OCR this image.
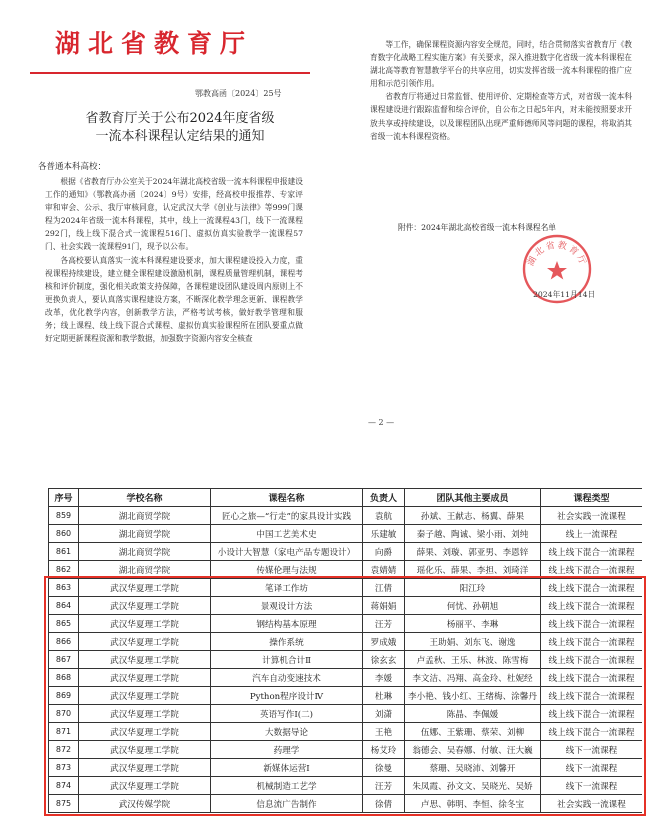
湖北省教育厅
鄂教高函〔2024〕25号
省教育厅关于公布2024年度省级
一流本科课程认定结果的通知
各普通本科高校：

根据《省教育厅办公室关于2024年湖北高校省级一流本科课程申报建设工作的通知》（鄂教高办函〔2024〕9号）安排，经高校申报推荐、专家评审和审会、公示、我厅审核同意，认定武汉大学《创业与法律》等999门课程为2024年省级一流本科课程，其中，线上一流课程43门，线下一流课程292门，线上线下混合式一流课程516门、虚拟仿真实验教学一流课程57门、社会实践一流课程91门，现予以公布。

各高校要认真落实一流本科课程建设要求，加大课程建设投入力度，重视课程持续建设，建立健全课程建设激励机制，课程质量管理机制，课程考核和评价制度，强化相关政策支持保障，各课程建设团队建设周内原则上不更换负责人，要认真落实课程建设方案，不断深化教学理念更新、课程教学改革，优化教学内容，创新教学方法，严格考试考核，做好教学管理和服务；线上课程、线上线下混合式课程、虚拟仿真实验课程所在团队要重点做好定期更新课程资源和教学数据，加强数字资源内容安全核查

等工作，确保课程资源内容安全规范，同时，结合贯彻落实省教育厅《教育数字化战略工程实施方案》有关要求，深入推进数字化省级一流本科课程在湖北高等教育智慧教学平台的共享应用，切实发挥省级一流本科课程的推广应用和示范引领作用。

省教育厅将通过日常监督、使用评价、定期检查等方式，对省级一流本科课程建设进行跟踪监督和综合评价，自公布之日起5年内，对未能按照要求开放共享或持续建设，以及课程团队出现严重师德师风等问题的课程，将取消其省级一流本科课程资格。

附件：2024年湖北高校省级一流本科课程名单
湖北省教育厅
2024年11月14日
— 2 —
序号	学校名称	课程名称	负责人	团队其他主要成员	课程类型
859	湖北商贸学院	匠心之旅—“行走”的家具设计实践	袁航	孙斌、王献志、杨翼、薛果	社会实践一流课程
860	湖北商贸学院	中国工艺美术史	乐建敏	秦子越、陶诚、梁小雨、刘纯	线上一流课程
861	湖北商贸学院	小设计大智慧（家电产品专题设计）	向爵	薛果、刘璇、郭亚男、李恩锌	线上线下混合一流课程
862	湖北商贸学院	传媒伦理与法规	袁婧婧	瑶化乐、薛果、李担、刘琦洋	线上线下混合一流课程
863	武汉华夏理工学院	笔译工作坊	江倩	阳江玲	线上线下混合一流课程
864	武汉华夏理工学院	景观设计方法	蒋娟娟	何忧、孙朝旭	线上线下混合一流课程
865	武汉华夏理工学院	钢结构基本原理	汪芳	杨丽平、李琳	线上线下混合一流课程
866	武汉华夏理工学院	操作系统	罗成娥	王助娟、刘东飞、谢逸	线上线下混合一流课程
867	武汉华夏理工学院	计算机合计Ⅱ	徐玄玄	卢孟秋、王乐、林波、陈雪梅	线上线下混合一流课程
868	武汉华夏理工学院	汽车自动变速技术	李媛	李文洁、冯翔、高金玲、杜妮经	线上线下混合一流课程
869	武汉华夏理工学院	Python程序设计Ⅳ	杜琳	李小艳、钱小红、王绪梅、涂馨丹	线上线下混合一流课程
870	武汉华夏理工学院	英语写作Ⅰ(二)	刘潇	陈晶、李佩媛	线上线下混合一流课程
871	武汉华夏理工学院	大数据导论	王艳	伍娜、王紫珊、蔡荣、刘柳	线上线下混合一流课程
872	武汉华夏理工学院	药理学	杨艾玲	翁德会、吴春娜、付敏、汪大巍	线下一流课程
873	武汉华夏理工学院	新媒体运营Ⅰ	徐曼	蔡珊、吴晓沛、刘馨开	线下一流课程
874	武汉华夏理工学院	机械制造工艺学	汪芳	朱凤霞、孙文文、吴晓光、吴娇	线下一流课程
875	武汉传媒学院	信息流广告制作	徐倩	卢思、韩明、李恒、徐冬宝	社会实践一流课程
